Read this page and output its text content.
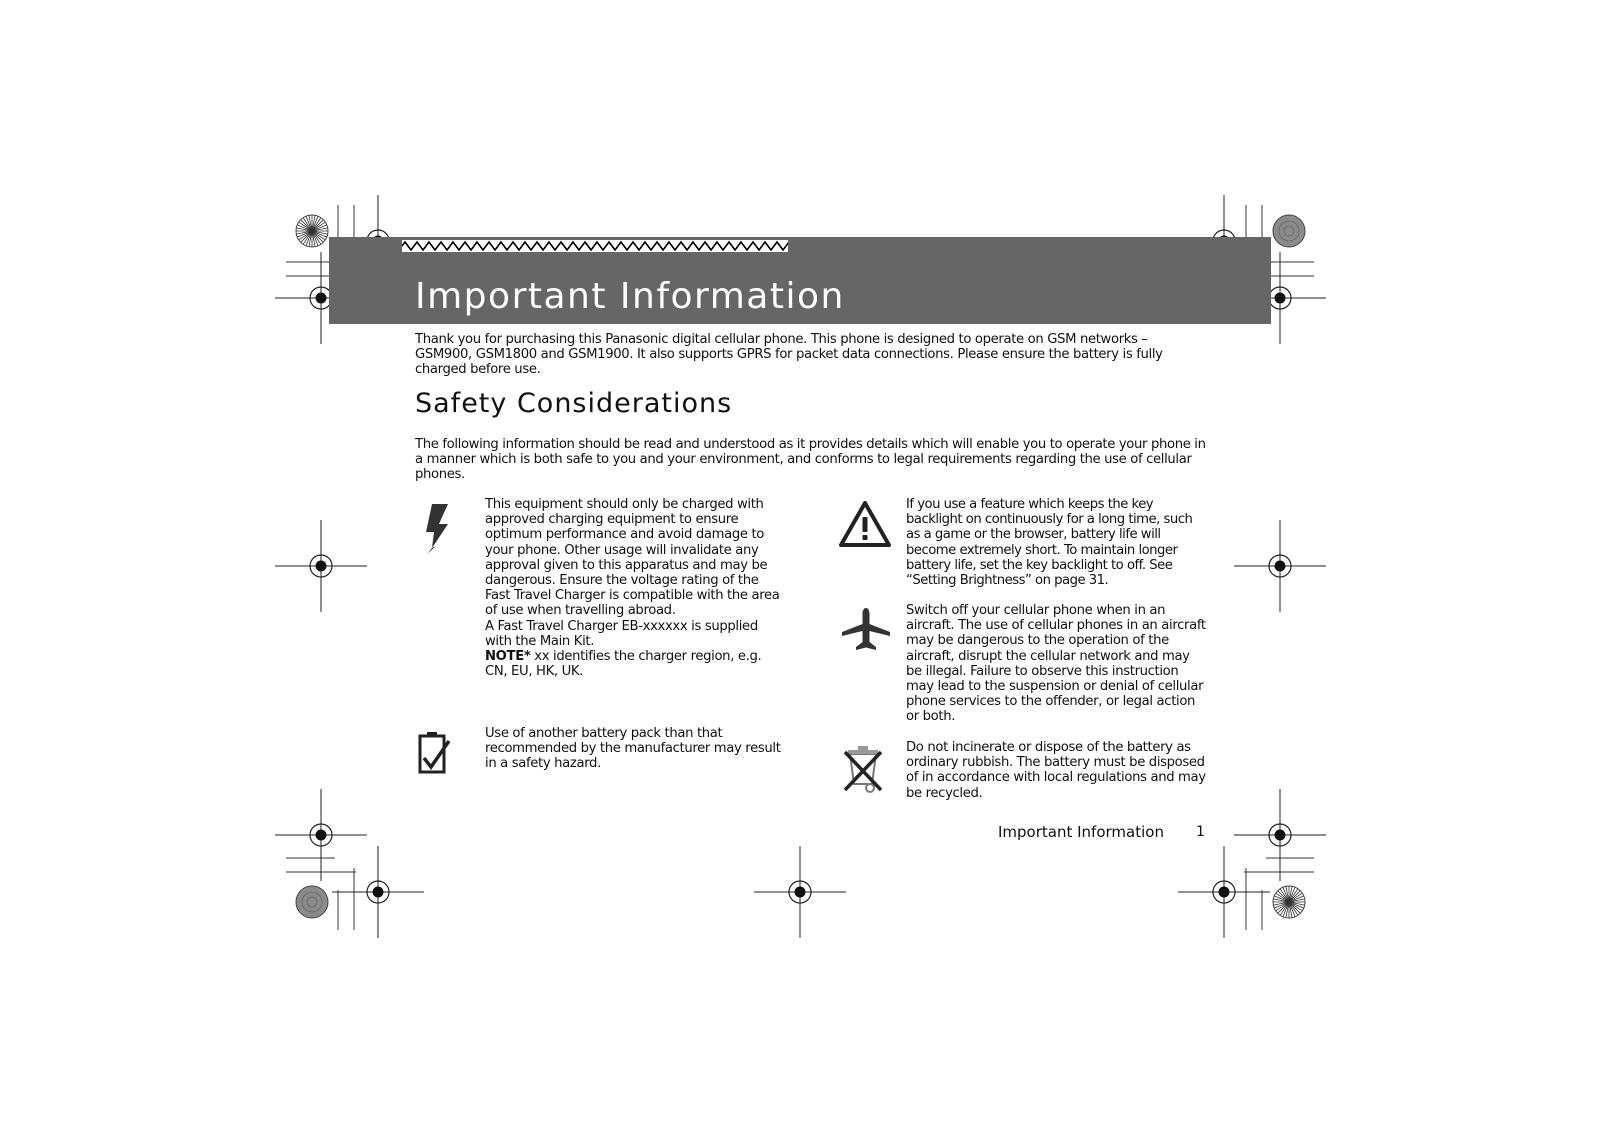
Important Information
Thank you for purchasing this Panasonic digital cellular phone. This phone is designed to operate on GSM networks – GSM900, GSM1800 and GSM1900. It also supports GPRS for packet data connections. Please ensure the battery is fully charged before use.
Safety Considerations
The following information should be read and understood as it provides details which will enable you to operate your phone in a manner which is both safe to you and your environment, and conforms to legal requirements regarding the use of cellular phones.
This equipment should only be charged with approved charging equipment to ensure optimum performance and avoid damage to your phone. Other usage will invalidate any approval given to this apparatus and may be dangerous. Ensure the voltage rating of the Fast Travel Charger is compatible with the area of use when travelling abroad.
A Fast Travel Charger EB-xxxxxx is supplied with the Main Kit.
NOTE* xx identifies the charger region, e.g. CN, EU, HK, UK.
Use of another battery pack than that recommended by the manufacturer may result in a safety hazard.
If you use a feature which keeps the key backlight on continuously for a long time, such as a game or the browser, battery life will become extremely short. To maintain longer battery life, set the key backlight to off. See “Setting Brightness” on page 31.
Switch off your cellular phone when in an aircraft. The use of cellular phones in an aircraft may be dangerous to the operation of the aircraft, disrupt the cellular network and may be illegal. Failure to observe this instruction may lead to the suspension or denial of cellular phone services to the offender, or legal action or both.
Do not incinerate or dispose of the battery as ordinary rubbish. The battery must be disposed of in accordance with local regulations and may be recycled.
Important Information 1
